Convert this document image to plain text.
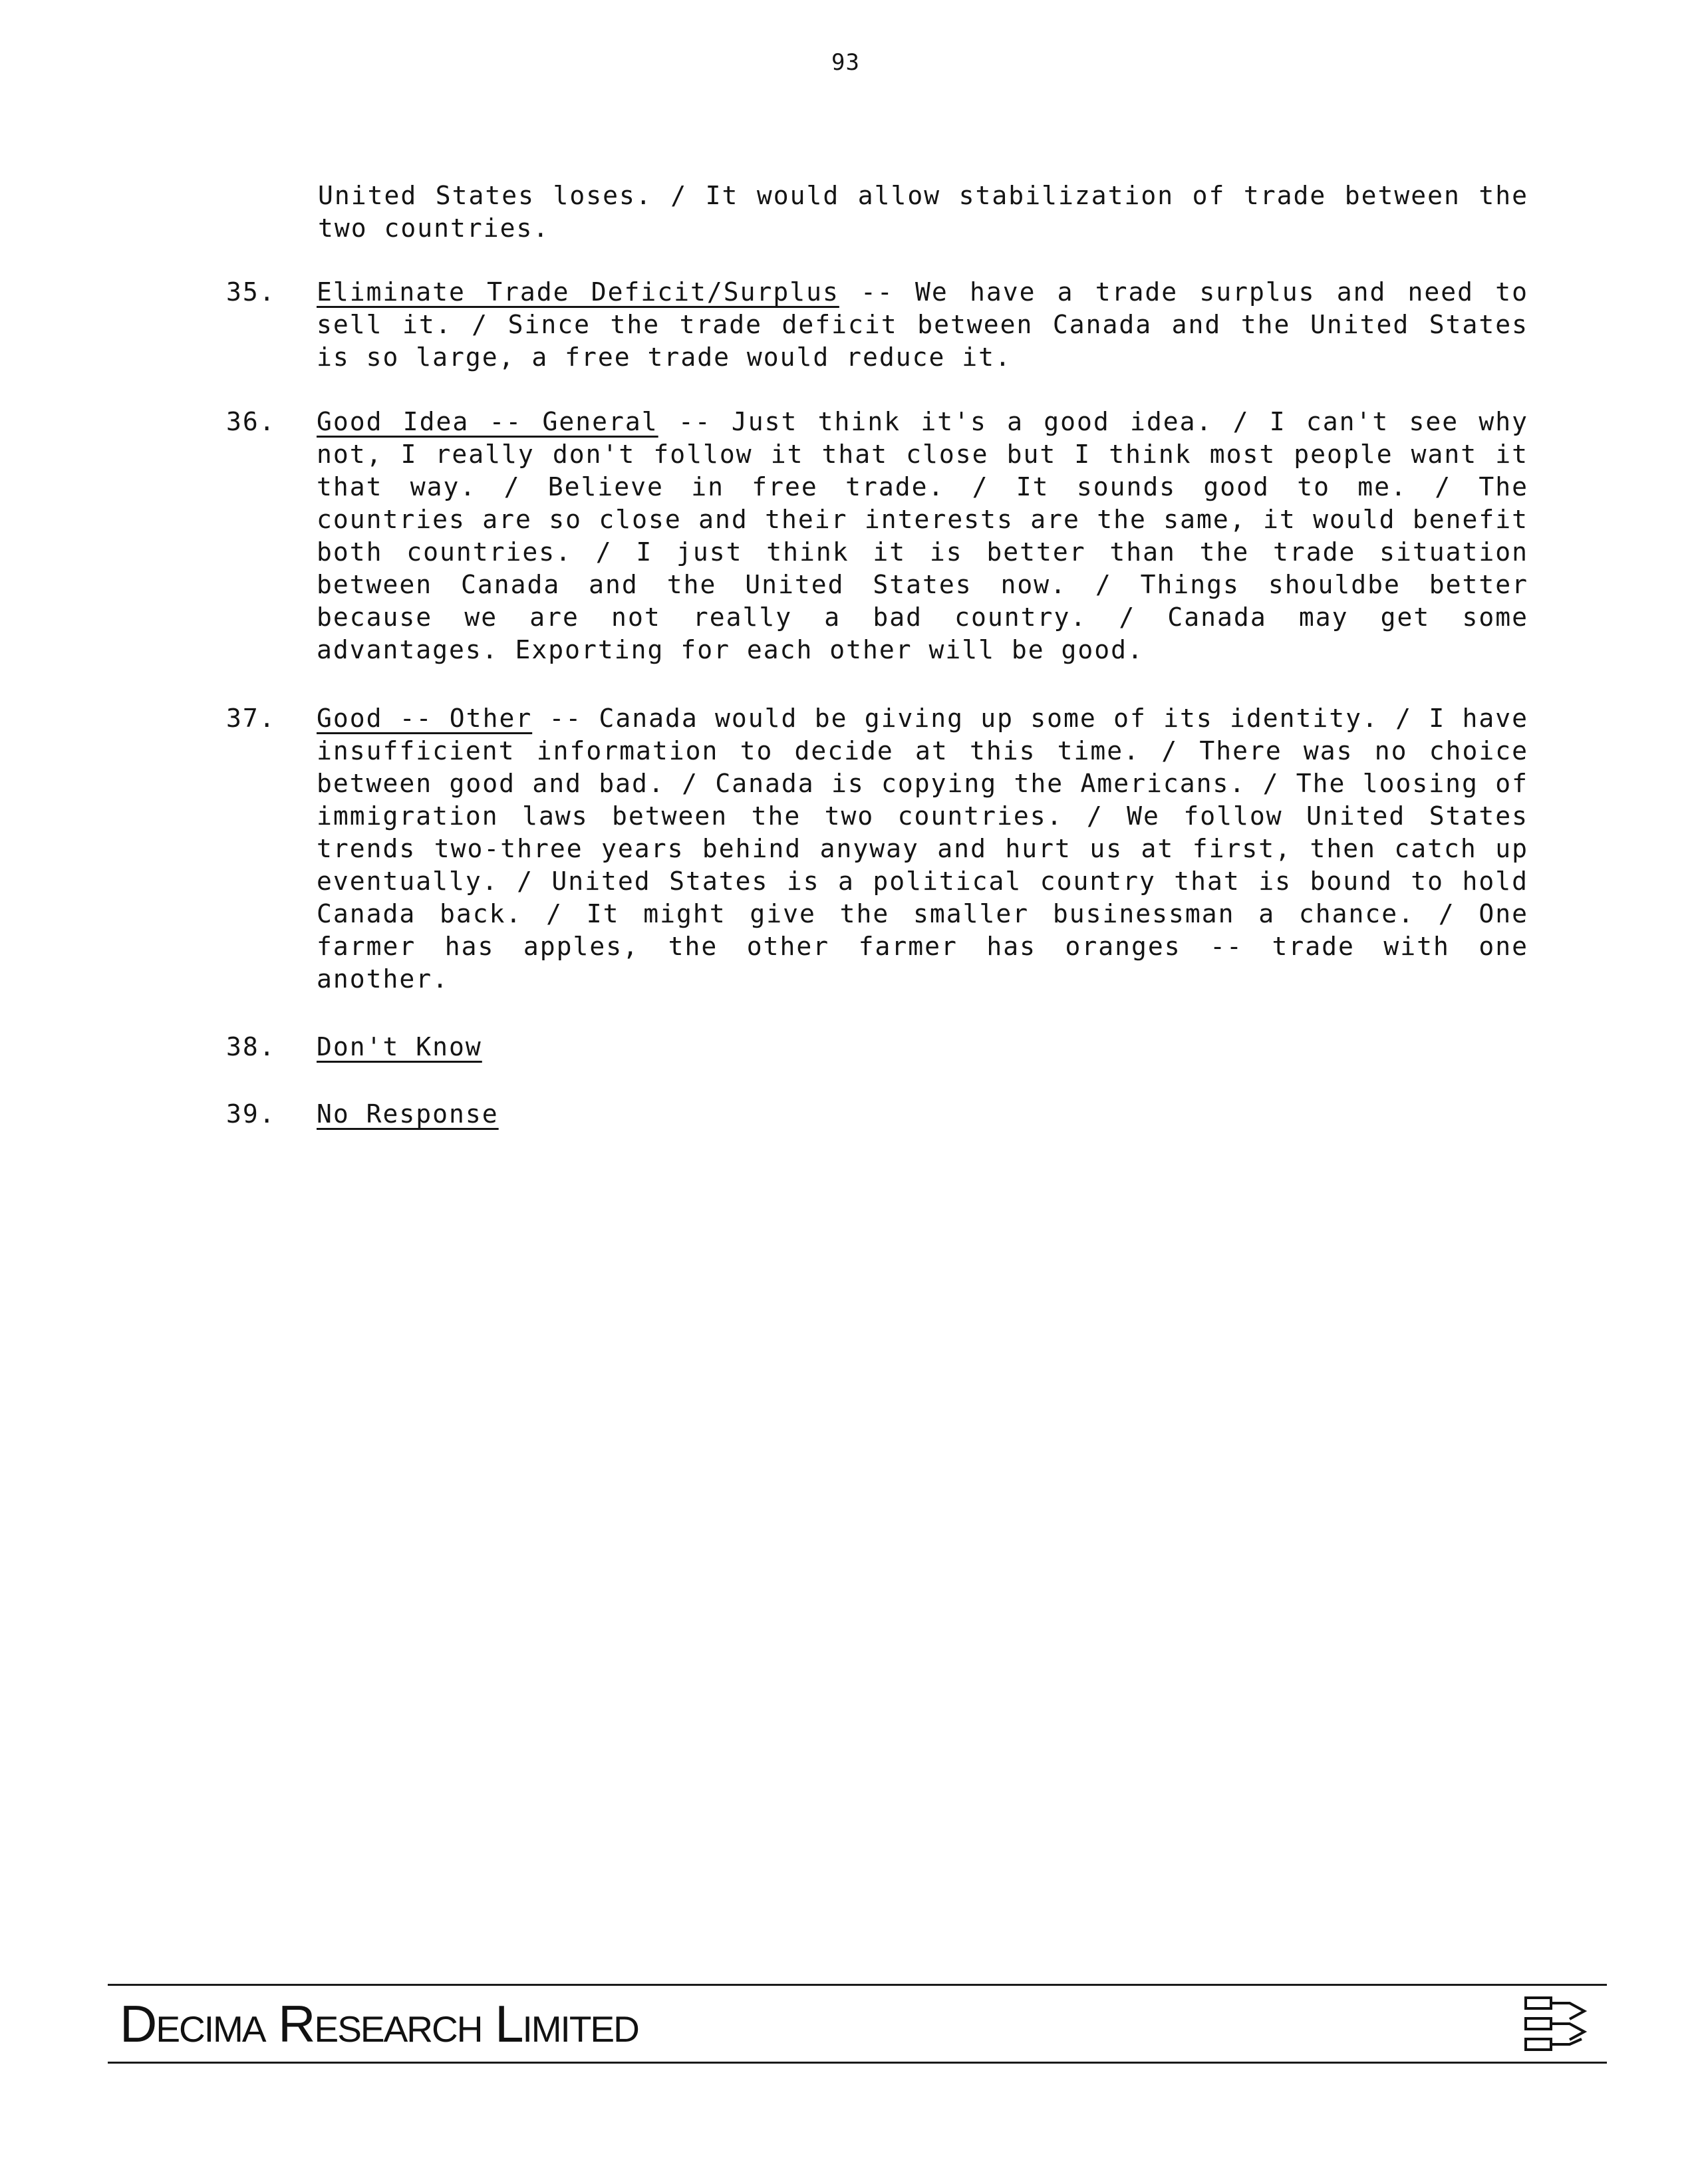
93
United States loses. / It would allow stabilization of trade between the two countries.
35.	Eliminate Trade Deficit/Surplus -- We have a trade surplus and need to sell it. / Since the trade deficit between Canada and the United States is so large, a free trade would reduce it.
36.	Good Idea -- General -- Just think it's a good idea. / I can't see why not, I really don't follow it that close but I think most people want it that way. / Believe in free trade. / It sounds good to me. / The countries are so close and their interests are the same, it would benefit both countries. / I just think it is better than the trade situation between Canada and the United States now. / Things shouldbe better because we are not really a bad country. / Canada may get some advantages. Exporting for each other will be good.
37.	Good -- Other -- Canada would be giving up some of its identity. / I have insufficient information to decide at this time. / There was no choice between good and bad. / Canada is copying the Americans. / The loosing of immigration laws between the two countries. / We follow United States trends two-three years behind anyway and hurt us at first, then catch up eventually. / United States is a political country that is bound to hold Canada back. / It might give the smaller businessman a chance. / One farmer has apples, the other farmer has oranges -- trade with one another.
38.	Don't Know
39.	No Response
Decima Research Limited
